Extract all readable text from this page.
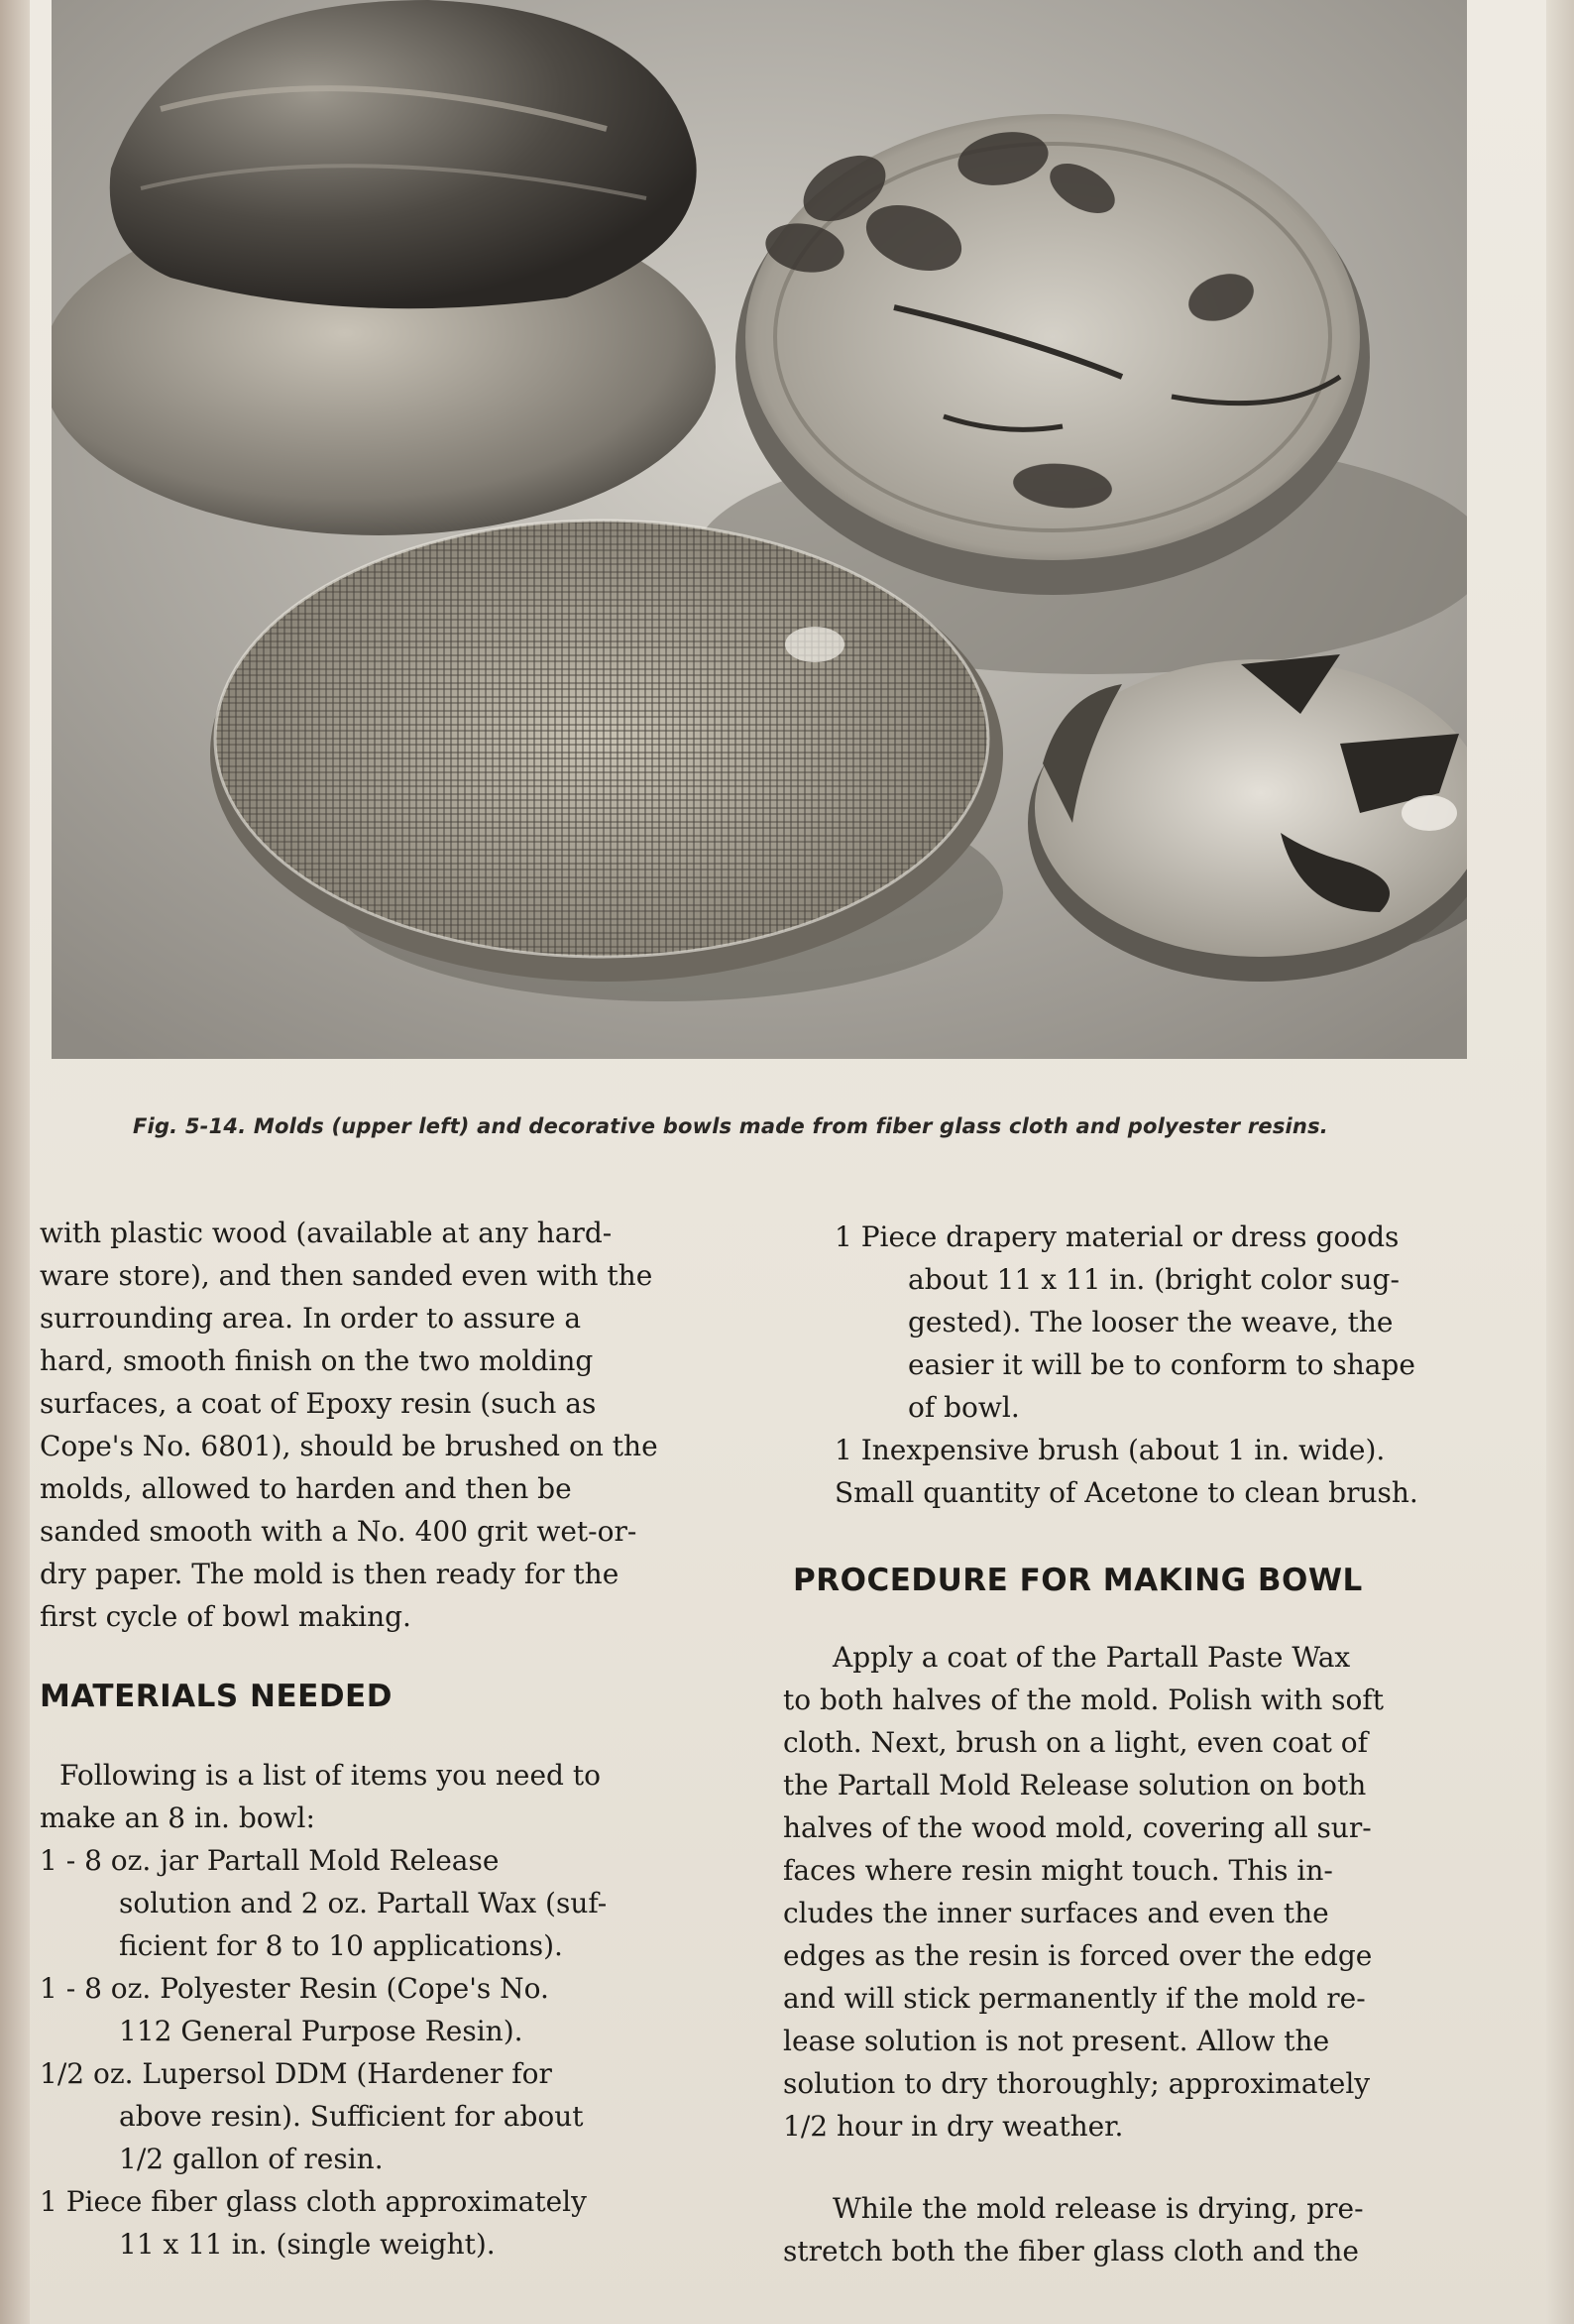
Fig. 5-14. Molds (upper left) and decorative bowls made from fiber glass cloth and polyester resins.

with plastic wood (available at any hard-

ware store), and then sanded even with the

surrounding area. In order to assure a

hard, smooth finish on the two molding

surfaces, a coat of Epoxy resin (such as

Cope's No. 6801), should be brushed on the

molds, allowed to harden and then be

sanded smooth with a No. 400 grit wet-or-

dry paper. The mold is then ready for the

first cycle of bowl making.

MATERIALS NEEDED

Following is a list of items you need to

make an 8 in. bowl:

1 - 8 oz. jar Partall Mold Release

solution and 2 oz. Partall Wax (suf-

ficient for 8 to 10 applications).

1 - 8 oz. Polyester Resin (Cope's No.

112 General Purpose Resin).

1/2 oz. Lupersol DDM (Hardener for

above resin). Sufficient for about

1/2 gallon of resin.

1 Piece fiber glass cloth approximately

11 x 11 in. (single weight).

1 Piece drapery material or dress goods

about 11 x 11 in. (bright color sug-

gested). The looser the weave, the

easier it will be to conform to shape

of bowl.

1 Inexpensive brush (about 1 in. wide).

Small quantity of Acetone to clean brush.

PROCEDURE FOR MAKING BOWL

Apply a coat of the Partall Paste Wax

to both halves of the mold. Polish with soft

cloth. Next, brush on a light, even coat of

the Partall Mold Release solution on both

halves of the wood mold, covering all sur-

faces where resin might touch. This in-

cludes the inner surfaces and even the

edges as the resin is forced over the edge

and will stick permanently if the mold re-

lease solution is not present. Allow the

solution to dry thoroughly; approximately

1/2 hour in dry weather.

While the mold release is drying, pre-

stretch both the fiber glass cloth and the
